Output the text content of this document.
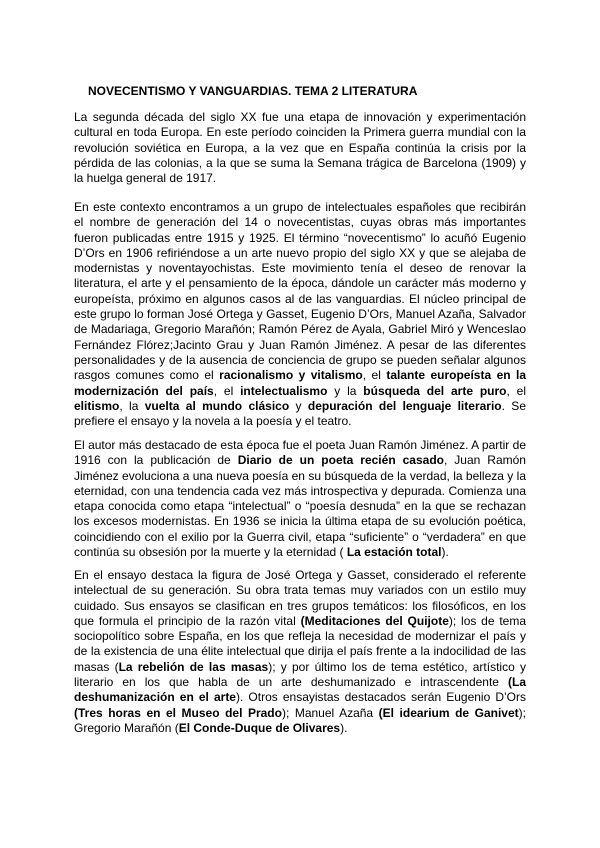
NOVECENTISMO Y VANGUARDIAS. TEMA 2 LITERATURA

La segunda década del siglo XX fue una etapa de innovación y experimentación cultural en toda Europa. En este período coinciden la Primera guerra mundial con la revolución soviética en Europa, a la vez que en España continúa la crisis por la pérdida de las colonias, a la que se suma la Semana trágica de Barcelona (1909) y la huelga general de 1917.

En este contexto encontramos a un grupo de intelectuales españoles que recibirán el nombre de generación del 14 o novecentistas, cuyas obras más importantes fueron publicadas entre 1915 y 1925. El término “novecentismo” lo acuñó Eugenio D’Ors en 1906 refiriéndose a un arte nuevo propio del siglo XX y que se alejaba de modernistas y noventayochistas. Este movimiento tenía el deseo de renovar la literatura, el arte y el pensamiento de la época, dándole un carácter más moderno y europeísta, próximo en algunos casos al de las vanguardias. El núcleo principal de este grupo lo forman José Ortega y Gasset, Eugenio D’Ors, Manuel Azaña, Salvador de Madariaga, Gregorio Marañón; Ramón Pérez de Ayala, Gabriel Miró y Wenceslao Fernández Flórez;Jacinto Grau y Juan Ramón Jiménez. A pesar de las diferentes personalidades y de la ausencia de conciencia de grupo se pueden señalar algunos rasgos comunes como el racionalismo y vitalismo, el talante europeísta en la modernización del país, el intelectualismo y la búsqueda del arte puro, el elitismo, la vuelta al mundo clásico y depuración del lenguaje literario. Se prefiere el ensayo y la novela a la poesía y el teatro.

El autor más destacado de esta época fue el poeta Juan Ramón Jiménez. A partir de 1916 con la publicación de Diario de un poeta recién casado, Juan Ramón Jiménez evoluciona a una nueva poesía en su búsqueda de la verdad, la belleza y la eternidad, con una tendencia cada vez más introspectiva y depurada. Comienza una etapa conocida como etapa “intelectual” o “poesía desnuda” en la que se rechazan los excesos modernistas. En 1936 se inicia la última etapa de su evolución poética, coincidiendo con el exilio por la Guerra civil, etapa “suficiente” o “verdadera” en que continúa su obsesión por la muerte y la eternidad ( La estación total).

En el ensayo destaca la figura de José Ortega y Gasset, considerado el referente intelectual de su generación. Su obra trata temas muy variados con un estilo muy cuidado. Sus ensayos se clasifican en tres grupos temáticos: los filosóficos, en los que formula el principio de la razón vital (Meditaciones del Quijote); los de tema sociopolítico sobre España, en los que refleja la necesidad de modernizar el país y de la existencia de una élite intelectual que dirija el país frente a la indocilidad de las masas (La rebelión de las masas); y por último los de tema estético, artístico y literario en los que habla de un arte deshumanizado e intrascendente (La deshumanización en el arte). Otros ensayistas destacados serán Eugenio D’Ors (Tres horas en el Museo del Prado); Manuel Azaña (El idearium de Ganivet); Gregorio Marañón (El Conde-Duque de Olivares).
